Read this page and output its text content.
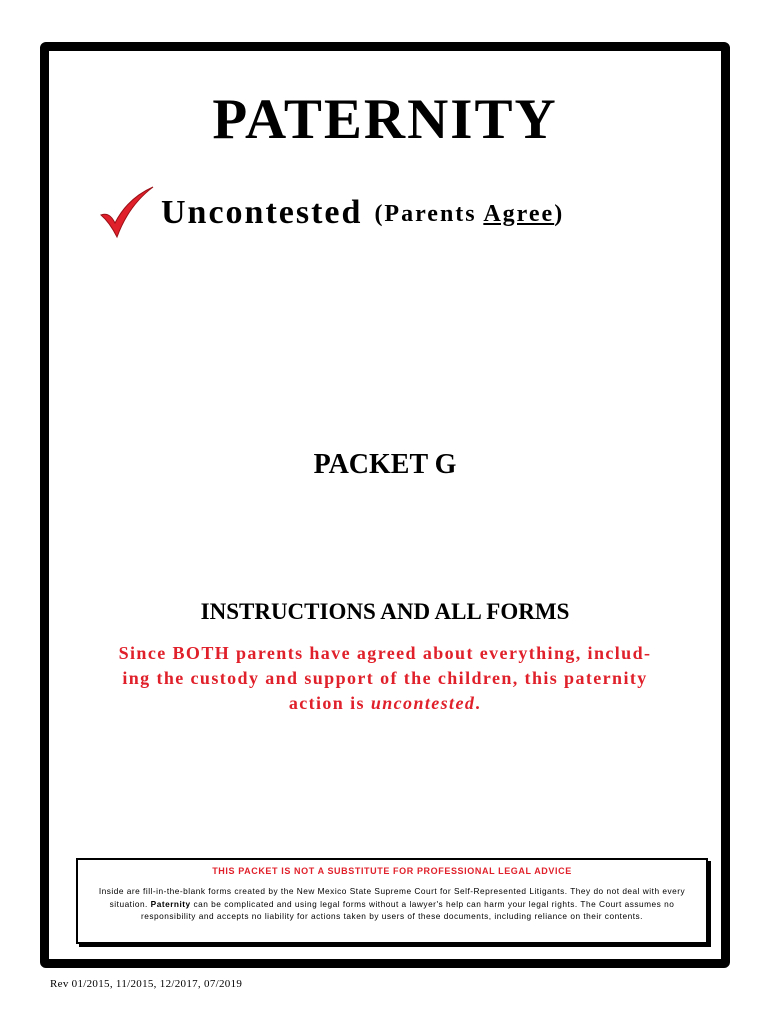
PATERNITY
Uncontested (Parents Agree)
PACKET G
INSTRUCTIONS AND ALL FORMS
Since BOTH parents have agreed about everything, includ-
ing the custody and support of the children, this paternity
action is uncontested.
THIS PACKET IS NOT A SUBSTITUTE FOR PROFESSIONAL LEGAL ADVICE
Inside are fill-in-the-blank forms created by the New Mexico State Supreme Court for Self-Represented Litigants. They do not deal with every situation. Paternity can be complicated and using legal forms without a lawyer's help can harm your legal rights. The Court assumes no responsibility and accepts no liability for actions taken by users of these documents, including reliance on their contents.
Rev 01/2015, 11/2015, 12/2017, 07/2019
